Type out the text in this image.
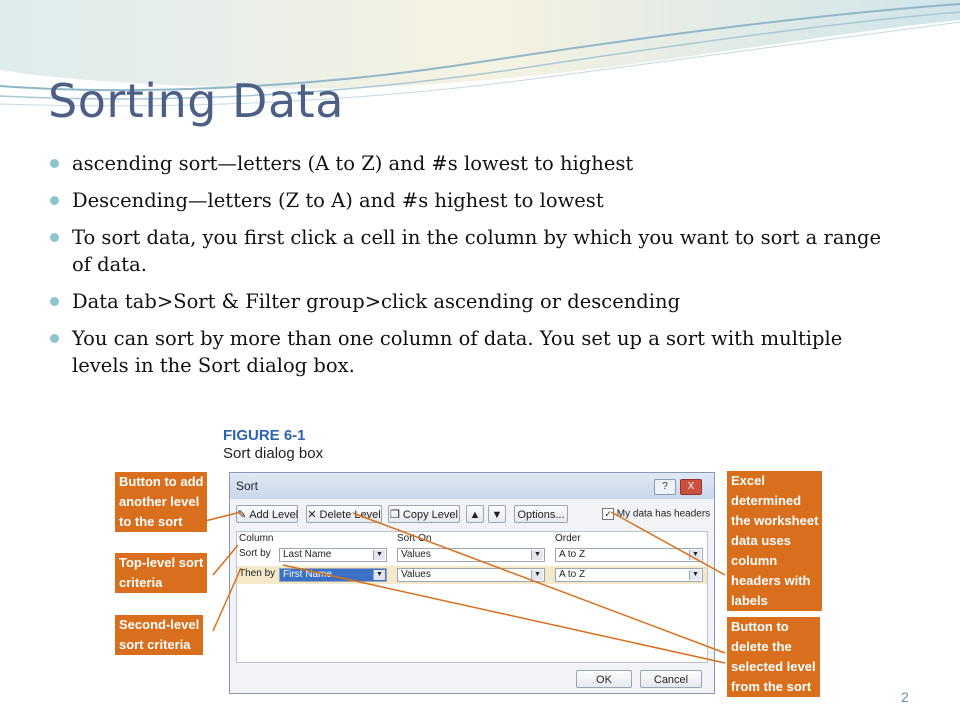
Sorting Data
ascending sort—letters (A to Z) and #s lowest to highest
Descending—letters (Z to A) and #s highest to lowest
To sort data, you first click a cell in the column by which you want to sort a range of data.
Data tab>Sort & Filter group>click ascending or descending
You can sort by more than one column of data. You set up a sort with multiple levels in the Sort dialog box.
FIGURE 6-1
Sort dialog box
Button to add
another level
to the sort
Top-level sort
criteria
Second-level
sort criteria
Excel
determined
the worksheet
data uses
column
headers with
labels
Button to
delete the
selected level
from the sort
Sort	?	X
✎ Add Level ✕ Delete Level ❐ Copy Level	▲	▼	Options...	✓ My data has headers
Column	Sort On	Order
Sort by	Last Name	▼	Values	▼	A to Z	▼
Then by First Name	▼	Values	▼	A to Z	▼
OK	Cancel
2
